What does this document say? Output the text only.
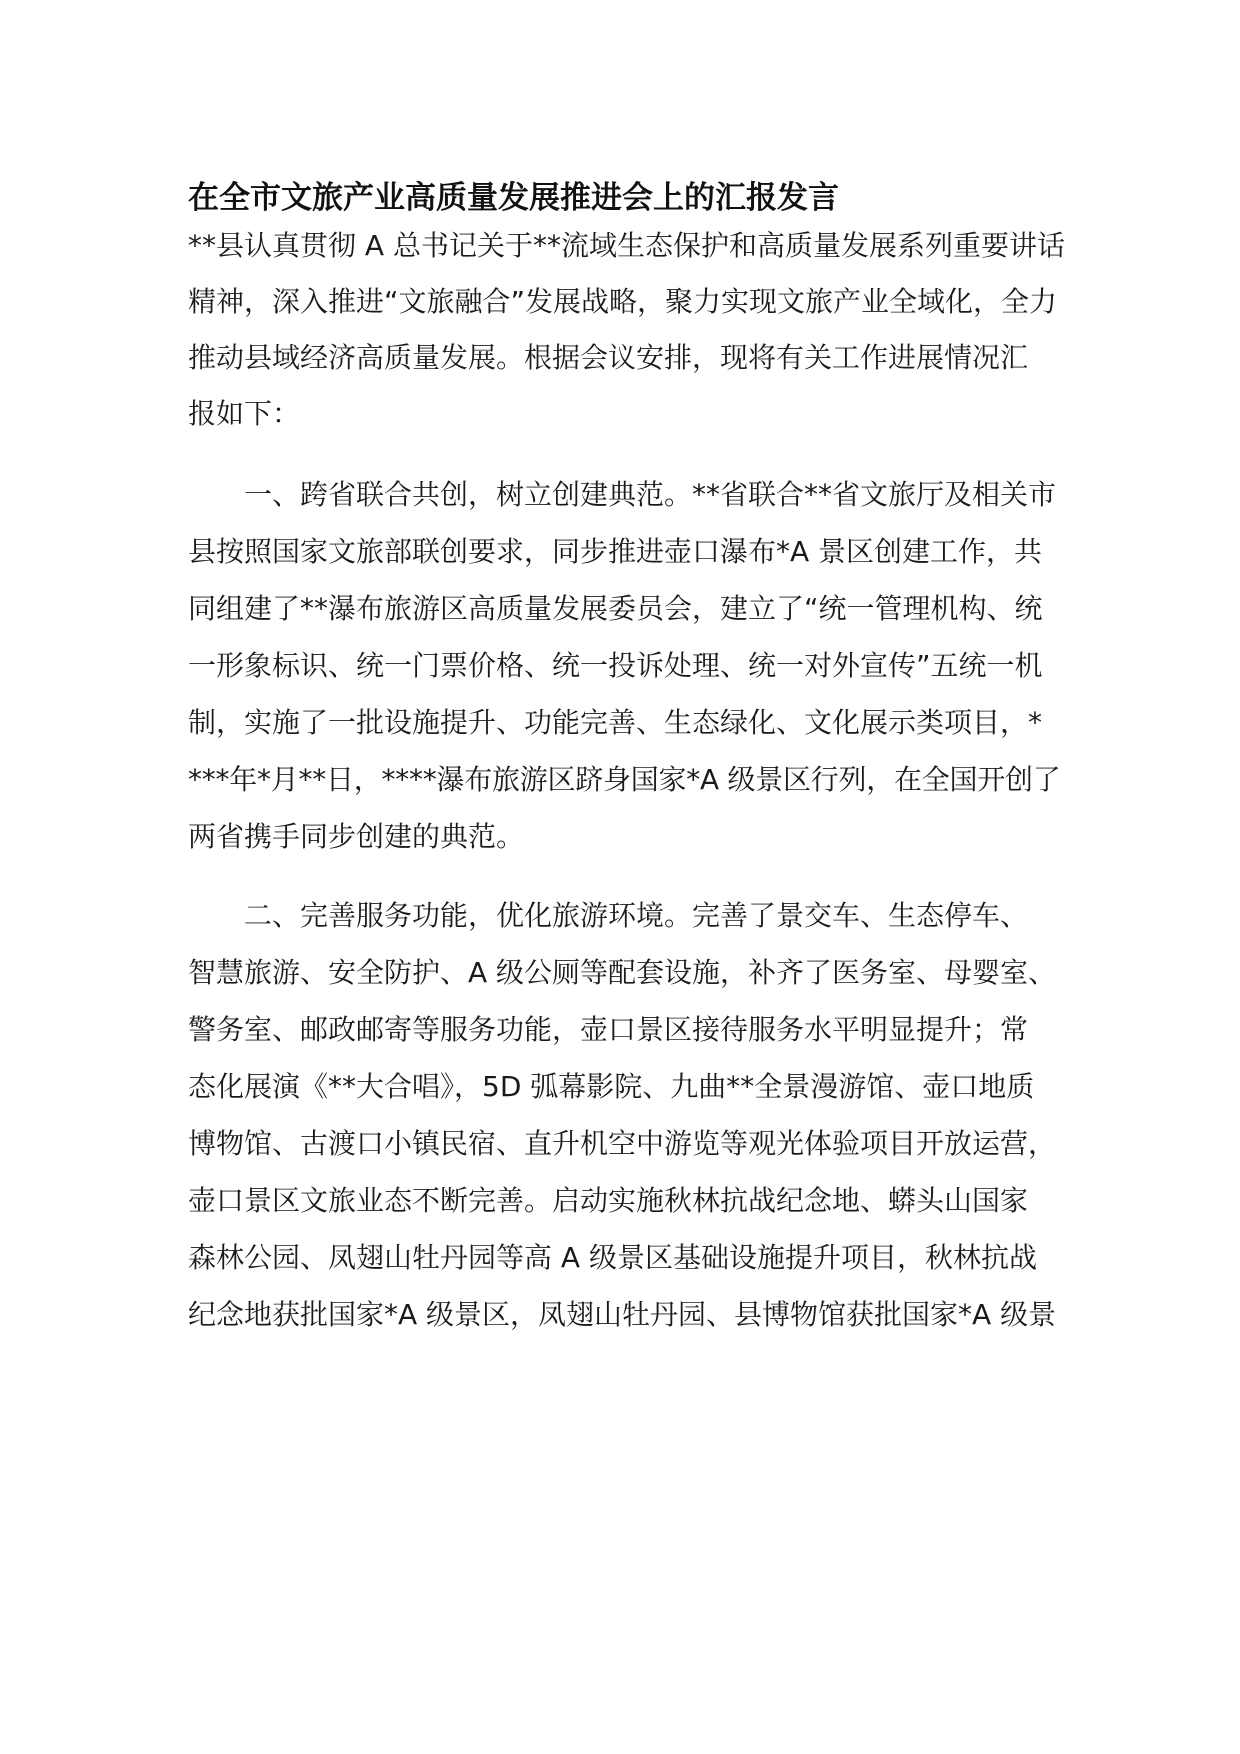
在全市文旅产业高质量发展推进会上的汇报发言
**县认真贯彻 A 总书记关于**流域生态保护和高质量发展系列重要讲话
精神，深入推进“文旅融合”发展战略，聚力实现文旅产业全域化，全力
推动县域经济高质量发展。根据会议安排，现将有关工作进展情况汇
报如下：
　　一、跨省联合共创，树立创建典范。**省联合**省文旅厅及相关市
县按照国家文旅部联创要求，同步推进壶口瀑布*A 景区创建工作，共
同组建了**瀑布旅游区高质量发展委员会，建立了“统一管理机构、统
一形象标识、统一门票价格、统一投诉处理、统一对外宣传”五统一机
制，实施了一批设施提升、功能完善、生态绿化、文化展示类项目，*
***年*月**日，****瀑布旅游区跻身国家*A 级景区行列，在全国开创了
两省携手同步创建的典范。
　　二、完善服务功能，优化旅游环境。完善了景交车、生态停车、
智慧旅游、安全防护、A 级公厕等配套设施，补齐了医务室、母婴室、
警务室、邮政邮寄等服务功能，壶口景区接待服务水平明显提升；常
态化展演《**大合唱》，5D 弧幕影院、九曲**全景漫游馆、壶口地质
博物馆、古渡口小镇民宿、直升机空中游览等观光体验项目开放运营，
壶口景区文旅业态不断完善。启动实施秋林抗战纪念地、蟒头山国家
森林公园、凤翅山牡丹园等高 A 级景区基础设施提升项目，秋林抗战
纪念地获批国家*A 级景区，凤翅山牡丹园、县博物馆获批国家*A 级景
